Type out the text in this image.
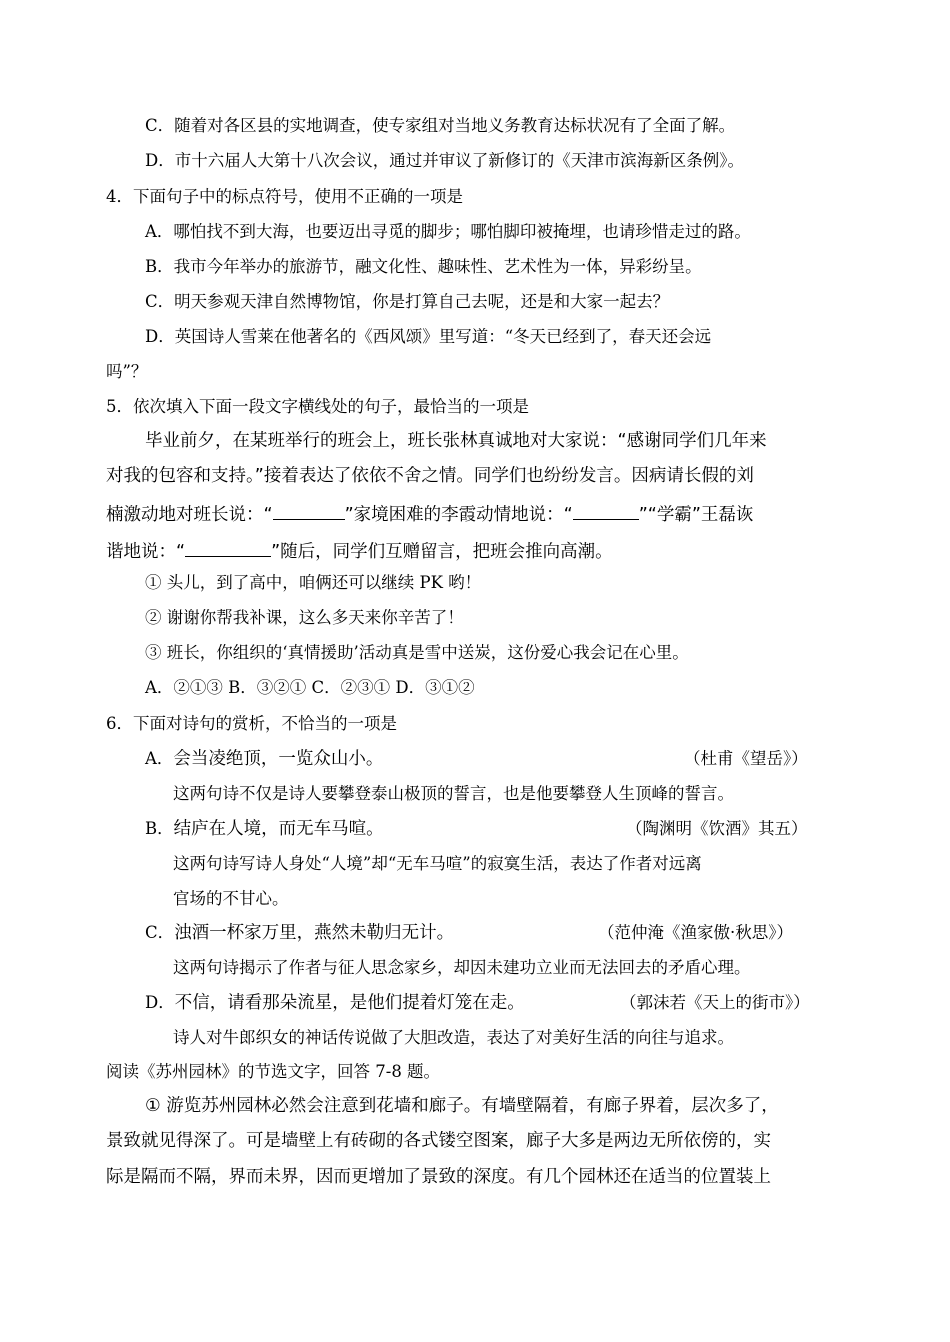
C．随着对各区县的实地调查，使专家组对当地义务教育达标状况有了全面了解。
D．市十六届人大第十八次会议，通过并审议了新修订的《天津市滨海新区条例》。
4．下面句子中的标点符号，使用不正确的一项是
A．哪怕找不到大海，也要迈出寻觅的脚步；哪怕脚印被掩埋，也请珍惜走过的路。
B．我市今年举办的旅游节，融文化性、趣味性、艺术性为一体，异彩纷呈。
C．明天参观天津自然博物馆，你是打算自己去呢，还是和大家一起去？
D．英国诗人雪莱在他著名的《西风颂》里写道：“冬天已经到了，春天还会远
吗”？
5．依次填入下面一段文字横线处的句子，最恰当的一项是
毕业前夕，在某班举行的班会上，班长张林真诚地对大家说：“感谢同学们几年来
对我的包容和支持。”接着表达了依依不舍之情。同学们也纷纷发言。因病请长假的刘
楠激动地对班长说：“	”家境困难的李霞动情地说：“	”“学霸”王磊诙
谐地说：“	”随后，同学们互赠留言，把班会推向高潮。
① 头儿，到了高中，咱俩还可以继续 PK 哟！
② 谢谢你帮我补课，这么多天来你辛苦了！
③ 班长，你组织的‘真情援助’活动真是雪中送炭，这份爱心我会记在心里。
A．②①③ B．③②① C．②③① D．③①②
6．下面对诗句的赏析，不恰当的一项是
A．会当凌绝顶，一览众山小。	（杜甫《望岳》）
这两句诗不仅是诗人要攀登泰山极顶的誓言，也是他要攀登人生顶峰的誓言。
B．结庐在人境，而无车马喧。	（陶渊明《饮酒》其五）
这两句诗写诗人身处“人境”却“无车马喧”的寂寞生活，表达了作者对远离
官场的不甘心。
C．浊酒一杯家万里，燕然未勒归无计。	（范仲淹《渔家傲·秋思》）
这两句诗揭示了作者与征人思念家乡，却因未建功立业而无法回去的矛盾心理。
D．不信，请看那朵流星，是他们提着灯笼在走。	（郭沫若《天上的街市》）
诗人对牛郎织女的神话传说做了大胆改造，表达了对美好生活的向往与追求。
阅读《苏州园林》的节选文字，回答 7-8 题。
① 游览苏州园林必然会注意到花墙和廊子。有墙壁隔着，有廊子界着，层次多了，
景致就见得深了。可是墙壁上有砖砌的各式镂空图案，廊子大多是两边无所依傍的，实
际是隔而不隔，界而未界，因而更增加了景致的深度。有几个园林还在适当的位置装上
